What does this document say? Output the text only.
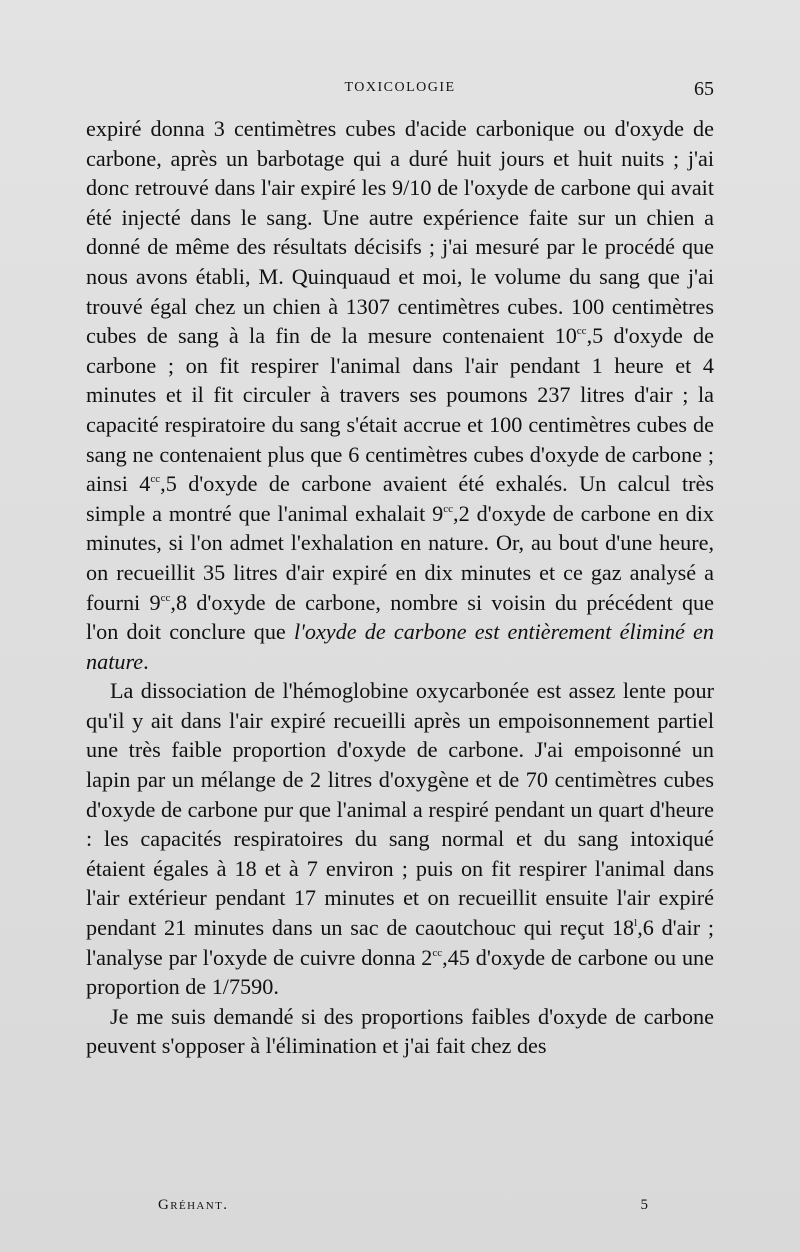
TOXICOLOGIE	65

expiré donna 3 centimètres cubes d'acide carbonique ou d'oxyde de carbone, après un barbotage qui a duré huit jours et huit nuits ; j'ai donc retrouvé dans l'air expiré les 9/10 de l'oxyde de carbone qui avait été injecté dans le sang. Une autre expérience faite sur un chien a donné de même des résultats décisifs ; j'ai mesuré par le procédé que nous avons établi, M. Quinquaud et moi, le volume du sang que j'ai trouvé égal chez un chien à 1307 centimètres cubes. 100 centimètres cubes de sang à la fin de la mesure contenaient $10^{cc},5$ d'oxyde de carbone ; on fit respirer l'animal dans l'air pendant 1 heure et 4 minutes et il fit circuler à travers ses poumons 237 litres d'air ; la capacité respiratoire du sang s'était accrue et 100 centimètres cubes de sang ne contenaient plus que 6 centimètres cubes d'oxyde de carbone ; ainsi $4^{cc},5$ d'oxyde de carbone avaient été exhalés. Un calcul très simple a montré que l'animal exhalait $9^{cc},2$ d'oxyde de carbone en dix minutes, si l'on admet l'exhalation en nature. Or, au bout d'une heure, on recueillit 35 litres d'air expiré en dix minutes et ce gaz analysé a fourni $9^{cc},8$ d'oxyde de carbone, nombre si voisin du précédent que l'on doit conclure que l'oxyde de carbone est entièrement éliminé en nature.

La dissociation de l'hémoglobine oxycarbonée est assez lente pour qu'il y ait dans l'air expiré recueilli après un empoisonnement partiel une très faible proportion d'oxyde de carbone. J'ai empoisonné un lapin par un mélange de 2 litres d'oxygène et de 70 centimètres cubes d'oxyde de carbone pur que l'animal a respiré pendant un quart d'heure : les capacités respiratoires du sang normal et du sang intoxiqué étaient égales à 18 et à 7 environ ; puis on fit respirer l'animal dans l'air extérieur pendant 17 minutes et on recueillit ensuite l'air expiré pendant 21 minutes dans un sac de caoutchouc qui reçut 18$^l$,6 d'air ; l'analyse par l'oxyde de cuivre donna $2^{cc},45$ d'oxyde de carbone ou une proportion de 1/7590.

Je me suis demandé si des proportions faibles d'oxyde de carbone peuvent s'opposer à l'élimination et j'ai fait chez des

Gréhant.	5
